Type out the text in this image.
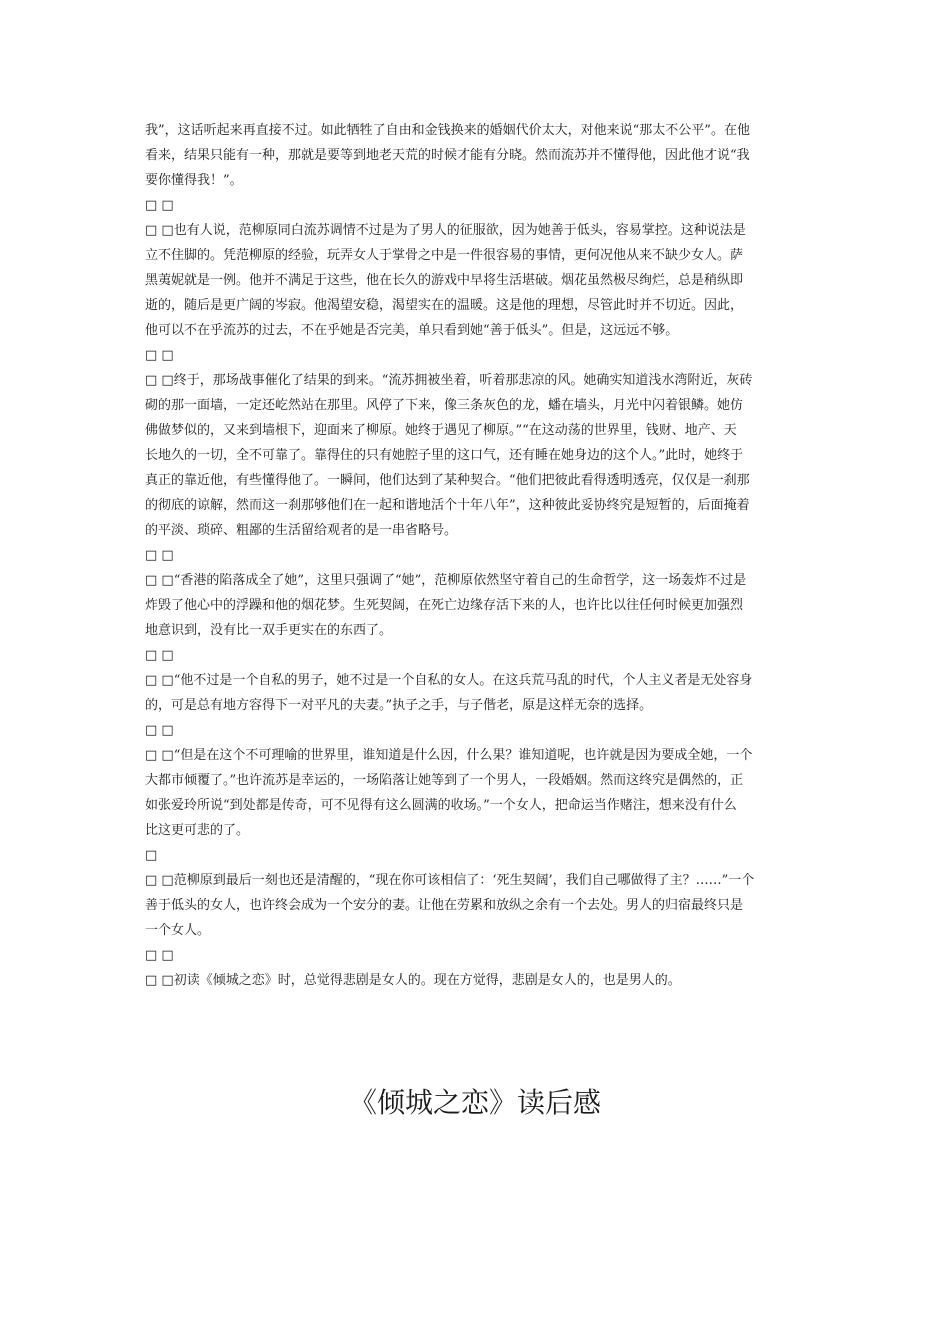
我”，这话听起来再直接不过。如此牺牲了自由和金钱换来的婚姻代价太大，对他来说“那太不公平”。在他
看来，结果只能有一种，那就是要等到地老天荒的时候才能有分晓。然而流苏并不懂得他，因此他才说“我
要你懂得我！”。
□ □
□ □也有人说，范柳原同白流苏调情不过是为了男人的征服欲，因为她善于低头，容易掌控。这种说法是
立不住脚的。凭范柳原的经验，玩弄女人于掌骨之中是一件很容易的事情，更何况他从来不缺少女人。萨
黑荑妮就是一例。他并不满足于这些，他在长久的游戏中早将生活堪破。烟花虽然极尽绚烂，总是稍纵即
逝的，随后是更广阔的岑寂。他渴望安稳，渴望实在的温暖。这是他的理想，尽管此时并不切近。因此，
他可以不在乎流苏的过去，不在乎她是否完美，单只看到她“善于低头”。但是，这远远不够。
□ □
□ □终于，那场战事催化了结果的到来。“流苏拥被坐着，听着那悲凉的风。她确实知道浅水湾附近，灰砖
砌的那一面墙，一定还屹然站在那里。风停了下来，像三条灰色的龙，蟠在墙头，月光中闪着银鳞。她仿
佛做梦似的，又来到墙根下，迎面来了柳原。她终于遇见了柳原。”“在这动荡的世界里，钱财、地产、天
长地久的一切，全不可靠了。靠得住的只有她腔子里的这口气，还有睡在她身边的这个人。”此时，她终于
真正的靠近他，有些懂得他了。一瞬间，他们达到了某种契合。“他们把彼此看得透明透亮，仅仅是一刹那
的彻底的谅解，然而这一刹那够他们在一起和谐地活个十年八年”，这种彼此妥协终究是短暂的，后面掩着
的平淡、琐碎、粗鄙的生活留给观者的是一串省略号。
□ □
□ □“香港的陷落成全了她”，这里只强调了“她”，范柳原依然坚守着自己的生命哲学，这一场轰炸不过是
炸毁了他心中的浮躁和他的烟花梦。生死契阔，在死亡边缘存活下来的人，也许比以往任何时候更加强烈
地意识到，没有比一双手更实在的东西了。
□ □
□ □“他不过是一个自私的男子，她不过是一个自私的女人。在这兵荒马乱的时代，个人主义者是无处容身
的，可是总有地方容得下一对平凡的夫妻。”执子之手，与子偕老，原是这样无奈的选择。
□ □
□ □“但是在这个不可理喻的世界里，谁知道是什么因，什么果？谁知道呢，也许就是因为要成全她，一个
大都市倾覆了。”也许流苏是幸运的，一场陷落让她等到了一个男人，一段婚姻。然而这终究是偶然的，正
如张爱玲所说“到处都是传奇，可不见得有这么圆满的收场。”一个女人，把命运当作赌注，想来没有什么
比这更可悲的了。
□
□ □范柳原到最后一刻也还是清醒的，“现在你可该相信了：‘死生契阔’，我们自己哪做得了主？……”一个
善于低头的女人，也许终会成为一个安分的妻。让他在劳累和放纵之余有一个去处。男人的归宿最终只是
一个女人。
□ □
□ □初读《倾城之恋》时，总觉得悲剧是女人的。现在方觉得，悲剧是女人的，也是男人的。
《倾城之恋》读后感
